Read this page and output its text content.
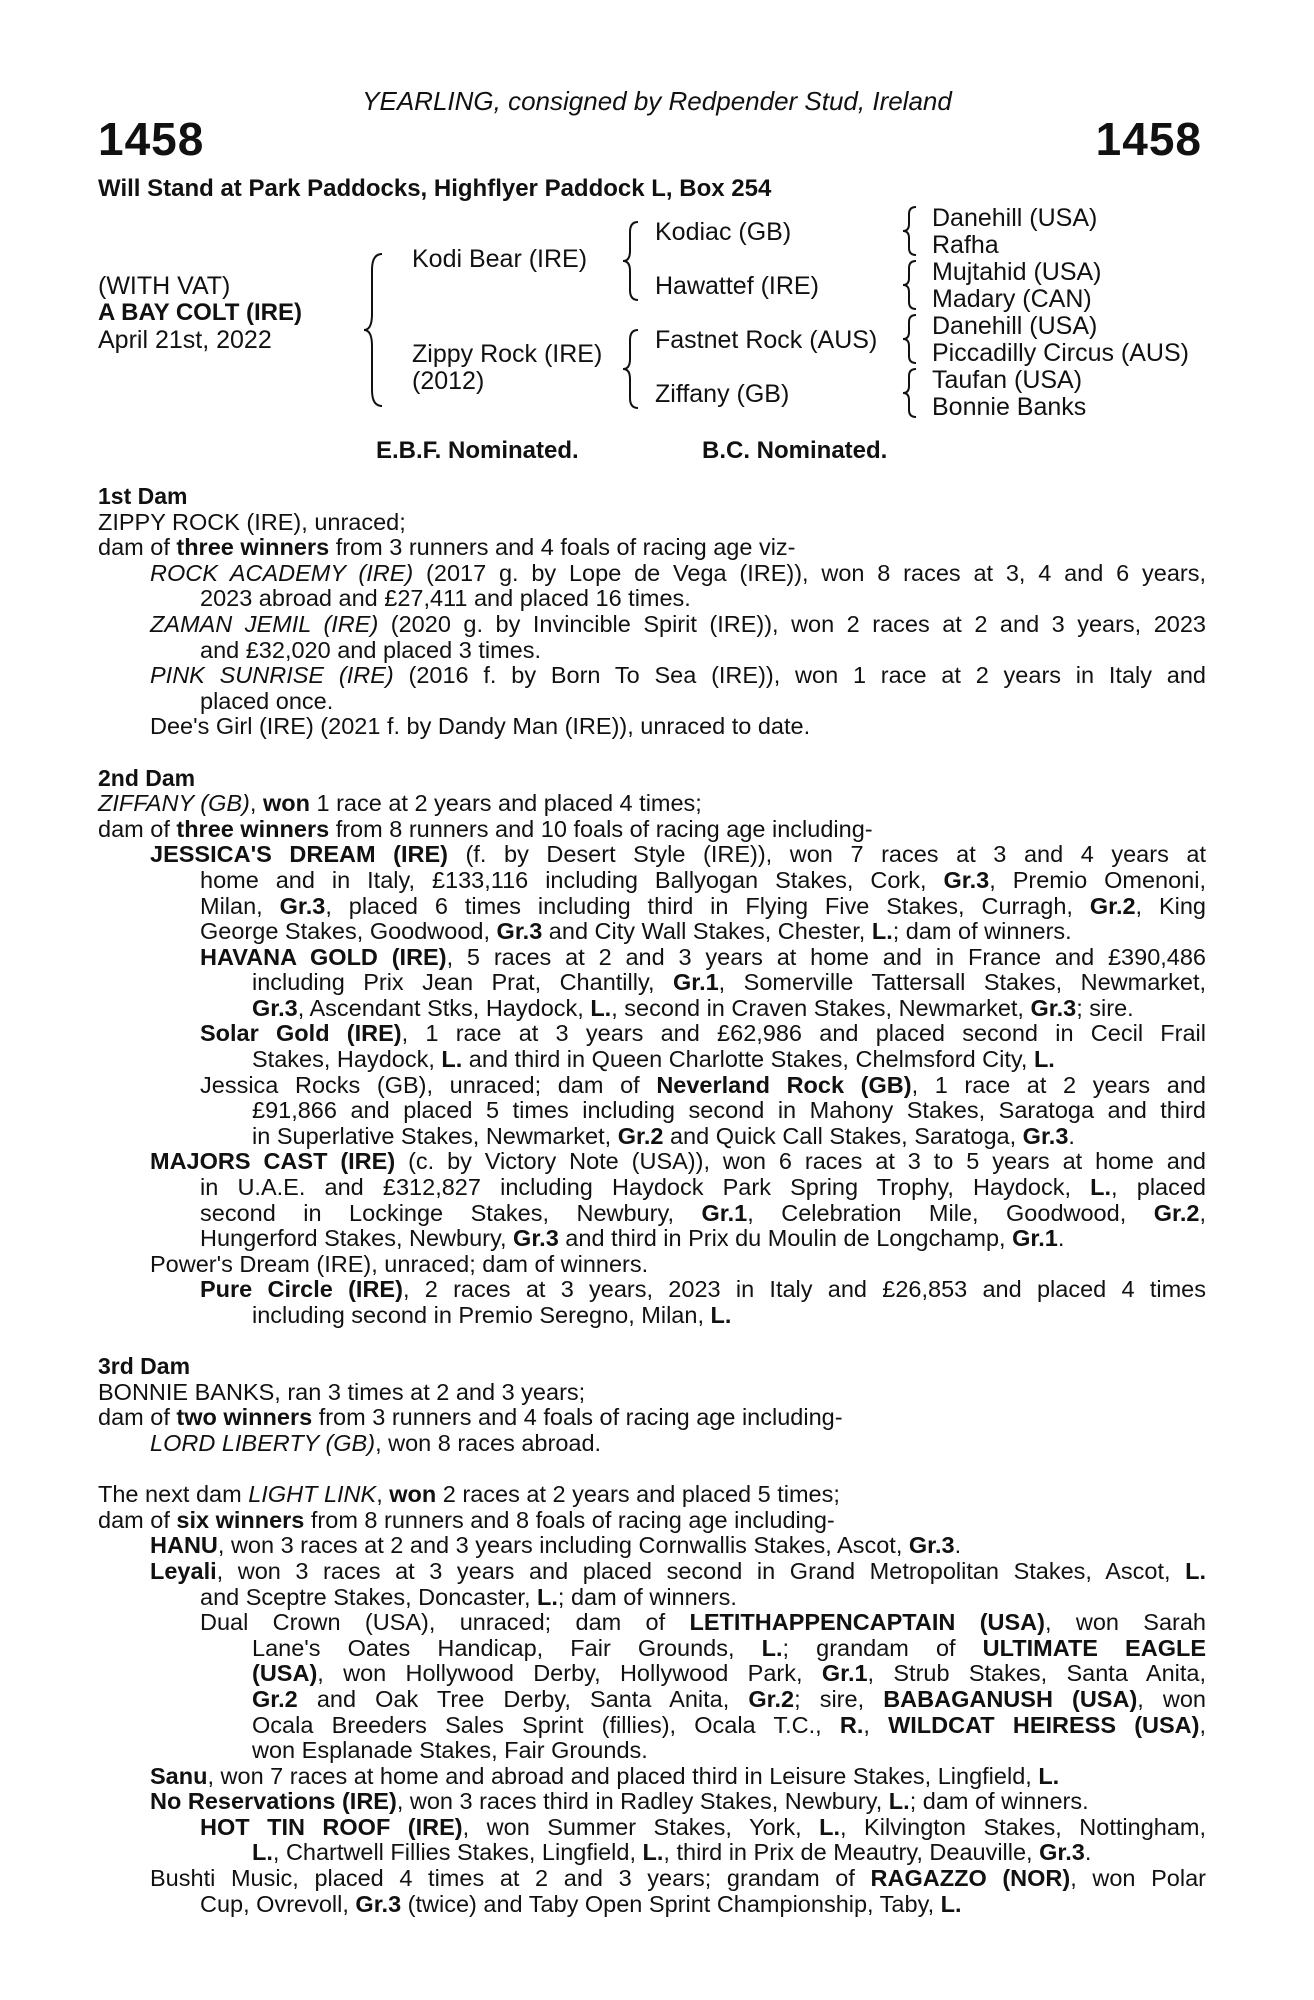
YEARLING, consigned by Redpender Stud, Ireland
1458	1458
Will Stand at Park Paddocks, Highflyer Paddock L, Box 254
(WITH VAT)
A BAY COLT (IRE)
April 21st, 2022
Kodi Bear (IRE)
Zippy Rock (IRE)
(2012)
Kodiac (GB)
Hawattef (IRE)
Fastnet Rock (AUS)
Ziffany (GB)
Danehill (USA)
Rafha
Mujtahid (USA)
Madary (CAN)
Danehill (USA)
Piccadilly Circus (AUS)
Taufan (USA)
Bonnie Banks
E.B.F. Nominated.	B.C. Nominated.
1st Dam
ZIPPY ROCK (IRE), unraced;
dam of three winners from 3 runners and 4 foals of racing age viz-
ROCK ACADEMY (IRE) (2017 g. by Lope de Vega (IRE)), won 8 races at 3, 4 and 6 years,
2023 abroad and £27,411 and placed 16 times.
ZAMAN JEMIL (IRE) (2020 g. by Invincible Spirit (IRE)), won 2 races at 2 and 3 years, 2023
and £32,020 and placed 3 times.
PINK SUNRISE (IRE) (2016 f. by Born To Sea (IRE)), won 1 race at 2 years in Italy and
placed once.
Dee's Girl (IRE) (2021 f. by Dandy Man (IRE)), unraced to date.
2nd Dam
ZIFFANY (GB), won 1 race at 2 years and placed 4 times;
dam of three winners from 8 runners and 10 foals of racing age including-
JESSICA'S DREAM (IRE) (f. by Desert Style (IRE)), won 7 races at 3 and 4 years at
home and in Italy, £133,116 including Ballyogan Stakes, Cork, Gr.3, Premio Omenoni,
Milan, Gr.3, placed 6 times including third in Flying Five Stakes, Curragh, Gr.2, King
George Stakes, Goodwood, Gr.3 and City Wall Stakes, Chester, L.; dam of winners.
HAVANA GOLD (IRE), 5 races at 2 and 3 years at home and in France and £390,486
including Prix Jean Prat, Chantilly, Gr.1, Somerville Tattersall Stakes, Newmarket,
Gr.3, Ascendant Stks, Haydock, L., second in Craven Stakes, Newmarket, Gr.3; sire.
Solar Gold (IRE), 1 race at 3 years and £62,986 and placed second in Cecil Frail
Stakes, Haydock, L. and third in Queen Charlotte Stakes, Chelmsford City, L.
Jessica Rocks (GB), unraced; dam of Neverland Rock (GB), 1 race at 2 years and
£91,866 and placed 5 times including second in Mahony Stakes, Saratoga and third
in Superlative Stakes, Newmarket, Gr.2 and Quick Call Stakes, Saratoga, Gr.3.
MAJORS CAST (IRE) (c. by Victory Note (USA)), won 6 races at 3 to 5 years at home and
in U.A.E. and £312,827 including Haydock Park Spring Trophy, Haydock, L., placed
second in Lockinge Stakes, Newbury, Gr.1, Celebration Mile, Goodwood, Gr.2,
Hungerford Stakes, Newbury, Gr.3 and third in Prix du Moulin de Longchamp, Gr.1.
Power's Dream (IRE), unraced; dam of winners.
Pure Circle (IRE), 2 races at 3 years, 2023 in Italy and £26,853 and placed 4 times
including second in Premio Seregno, Milan, L.
3rd Dam
BONNIE BANKS, ran 3 times at 2 and 3 years;
dam of two winners from 3 runners and 4 foals of racing age including-
LORD LIBERTY (GB), won 8 races abroad.
The next dam LIGHT LINK, won 2 races at 2 years and placed 5 times;
dam of six winners from 8 runners and 8 foals of racing age including-
HANU, won 3 races at 2 and 3 years including Cornwallis Stakes, Ascot, Gr.3.
Leyali, won 3 races at 3 years and placed second in Grand Metropolitan Stakes, Ascot, L.
and Sceptre Stakes, Doncaster, L.; dam of winners.
Dual Crown (USA), unraced; dam of LETITHAPPENCAPTAIN (USA), won Sarah
Lane's Oates Handicap, Fair Grounds, L.; grandam of ULTIMATE EAGLE
(USA), won Hollywood Derby, Hollywood Park, Gr.1, Strub Stakes, Santa Anita,
Gr.2 and Oak Tree Derby, Santa Anita, Gr.2; sire, BABAGANUSH (USA), won
Ocala Breeders Sales Sprint (fillies), Ocala T.C., R., WILDCAT HEIRESS (USA),
won Esplanade Stakes, Fair Grounds.
Sanu, won 7 races at home and abroad and placed third in Leisure Stakes, Lingfield, L.
No Reservations (IRE), won 3 races third in Radley Stakes, Newbury, L.; dam of winners.
HOT TIN ROOF (IRE), won Summer Stakes, York, L., Kilvington Stakes, Nottingham,
L., Chartwell Fillies Stakes, Lingfield, L., third in Prix de Meautry, Deauville, Gr.3.
Bushti Music, placed 4 times at 2 and 3 years; grandam of RAGAZZO (NOR), won Polar
Cup, Ovrevoll, Gr.3 (twice) and Taby Open Sprint Championship, Taby, L.
